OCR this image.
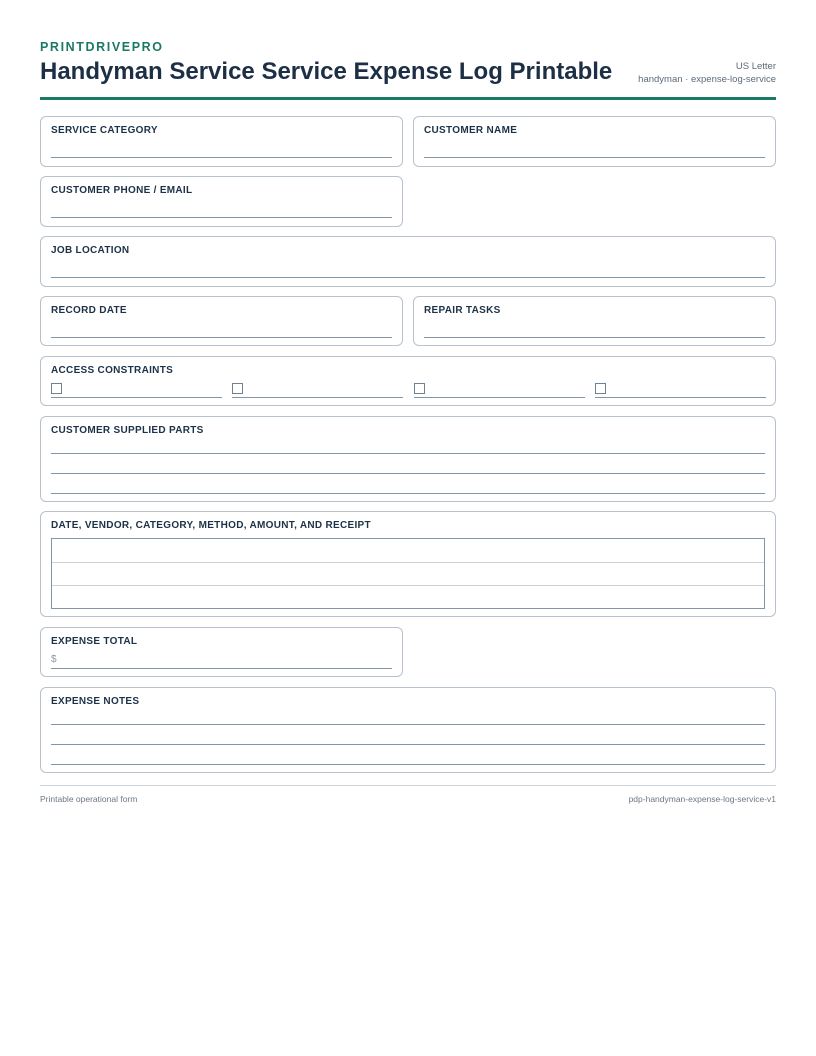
PRINTDRIVEPRO
Handyman Service Service Expense Log Printable	US Letter
handyman · expense-log-service
SERVICE CATEGORY	CUSTOMER NAME
CUSTOMER PHONE / EMAIL
JOB LOCATION
RECORD DATE	REPAIR TASKS
ACCESS CONSTRAINTS
CUSTOMER SUPPLIED PARTS
DATE, VENDOR, CATEGORY, METHOD, AMOUNT, AND RECEIPT
EXPENSE TOTAL
$
EXPENSE NOTES
Printable operational form	pdp-handyman-expense-log-service-v1
